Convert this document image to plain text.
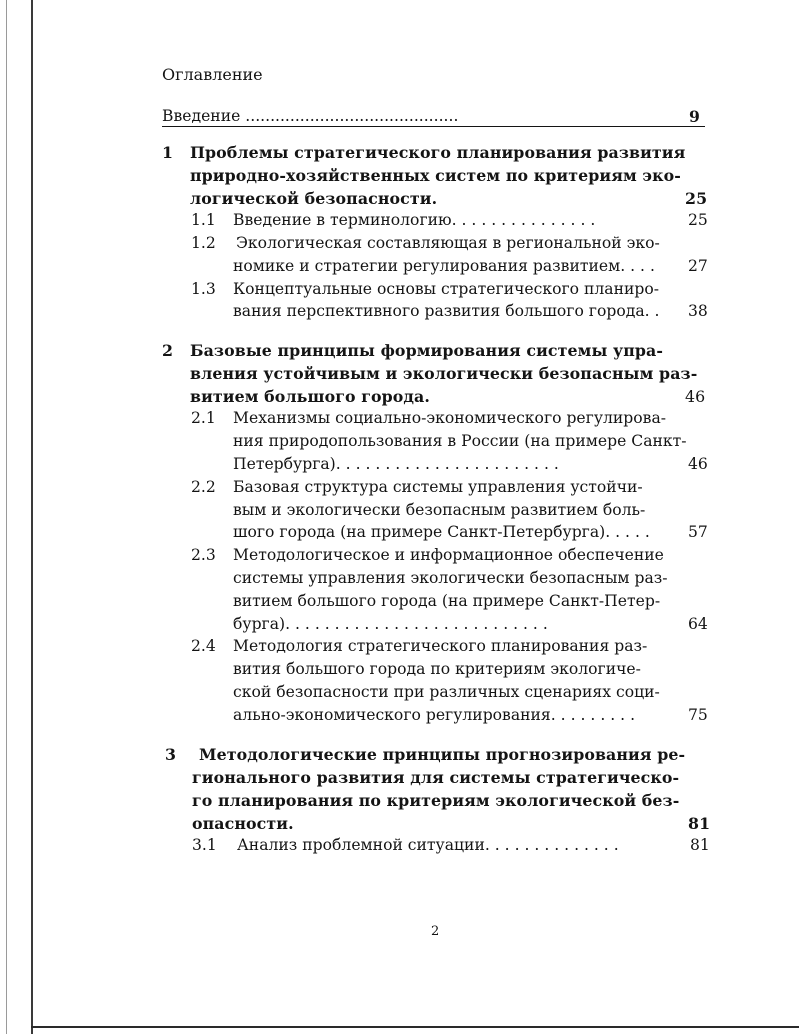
Оглавление
Введение ...........................................	9
1 Проблемы стратегического планирования развития
природно-хозяйственных систем по критериям эко-
логической безопасности.	25
1.1 Введение в терминологию. . . . . . . . . . . . . . .	25
1.2 Экологическая составляющая в региональной эко-
номике и стратегии регулирования развитием. . . . 27
1.3 Концептуальные основы стратегического планиро-
вания перспективного развития большого города. . 38
2 Базовые принципы формирования системы упра-
вления устойчивым и экологически безопасным раз-
витием большого города.	46
2.1 Механизмы социально-экономического регулирова-
ния природопользования в России (на примере Санкт-
Петербурга). . . . . . . . . . . . . . . . . . . . . . .	46
2.2 Базовая структура системы управления устойчи-
вым и экологически безопасным развитием боль-
шого города (на примере Санкт-Петербурга). . . . . 57
2.3 Методологическое и информационное обеспечение
системы управления экологически безопасным раз-
витием большого города (на примере Санкт-Петер-
бурга). . . . . . . . . . . . . . . . . . . . . . . . . . .	64
2.4 Методология стратегического планирования раз-
вития большого города по критериям экологиче-
ской безопасности при различных сценариях соци-
ально-экономического регулирования. . . . . . . . .	75
3 Методологические принципы прогнозирования ре-
гионального развития для системы стратегическо-
го планирования по критериям экологической без-
опасности.	81
3.1 Анализ проблемной ситуации. . . . . . . . . . . . . .	81
2
